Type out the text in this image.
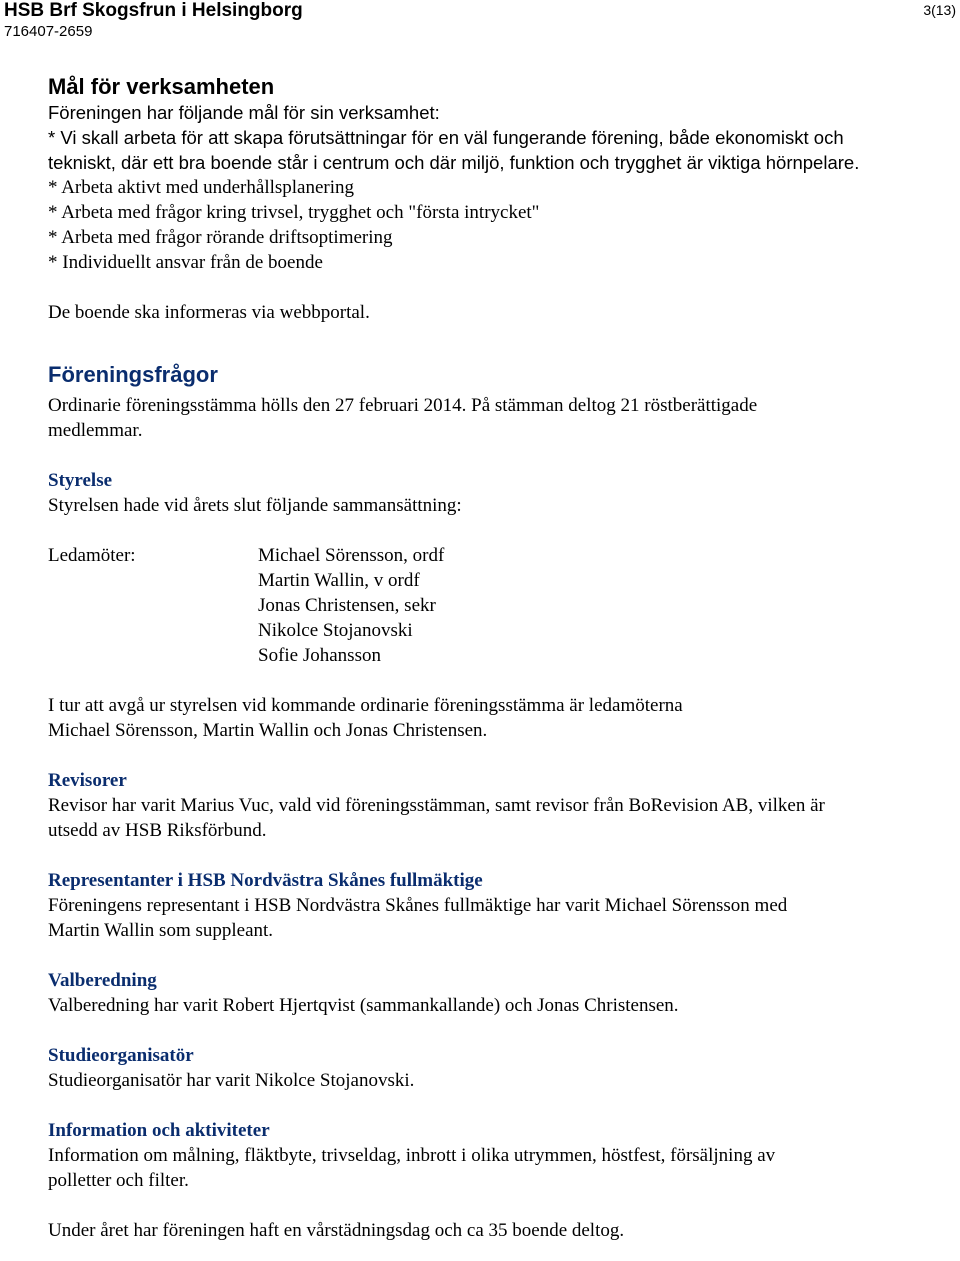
HSB Brf Skogsfrun i Helsingborg
716407-2659
3(13)
Mål för verksamheten

Föreningen har följande mål för sin verksamhet:

* Vi skall arbeta för att skapa förutsättningar för en väl fungerande förening, både ekonomiskt och

tekniskt, där ett bra boende står i centrum och där miljö, funktion och trygghet är viktiga hörnpelare.

* Arbeta aktivt med underhållsplanering

* Arbeta med frågor kring trivsel, trygghet och "första intrycket"

* Arbeta med frågor rörande driftsoptimering

* Individuellt ansvar från de boende

De boende ska informeras via webbportal.

Föreningsfrågor

Ordinarie föreningsstämma hölls den 27 februari 2014. På stämman deltog 21 röstberättigade

medlemmar.

Styrelse

Styrelsen hade vid årets slut följande sammansättning:

Ledamöter:	Michael Sörensson, ordf
Martin Wallin, v ordf
Jonas Christensen, sekr
Nikolce Stojanovski
Sofie Johansson

I tur att avgå ur styrelsen vid kommande ordinarie föreningsstämma är ledamöterna

Michael Sörensson, Martin Wallin och Jonas Christensen.

Revisorer

Revisor har varit Marius Vuc, vald vid föreningsstämman, samt revisor från BoRevision AB, vilken är

utsedd av HSB Riksförbund.

Representanter i HSB Nordvästra Skånes fullmäktige

Föreningens representant i HSB Nordvästra Skånes fullmäktige har varit Michael Sörensson med

Martin Wallin som suppleant.

Valberedning

Valberedning har varit Robert Hjertqvist (sammankallande) och Jonas Christensen.

Studieorganisatör

Studieorganisatör har varit Nikolce Stojanovski.

Information och aktiviteter

Information om målning, fläktbyte, trivseldag, inbrott i olika utrymmen, höstfest, försäljning av

polletter och filter.

Under året har föreningen haft en vårstädningsdag och ca 35 boende deltog.
